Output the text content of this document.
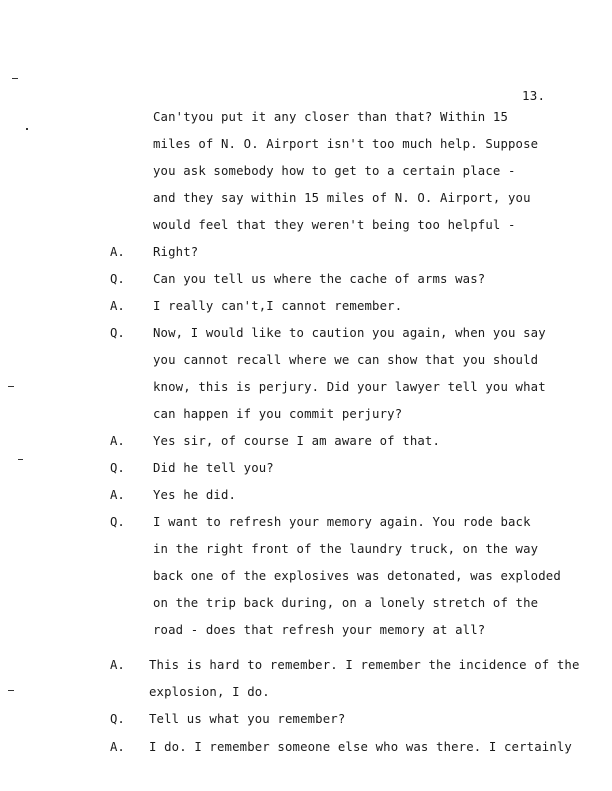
13.
Can'tyou put it any closer than that? Within 15
miles of N. O. Airport isn't too much help. Suppose
you ask somebody how to get to a certain place -
and they say within 15 miles of N. O. Airport, you
would feel that they weren't being too helpful -
A. Right?
Q. Can you tell us where the cache of arms was?
A. I really can't,I cannot remember.
Q. Now, I would like to caution you again, when you say
you cannot recall where we can show that you should
know, this is perjury. Did your lawyer tell you what
can happen if you commit perjury?
A. Yes sir, of course I am aware of that.
Q. Did he tell you?
A. Yes he did.
Q. I want to refresh your memory again. You rode back
in the right front of the laundry truck, on the way
back one of the explosives was detonated, was exploded
on the trip back during, on a lonely stretch of the
road - does that refresh your memory at all?
A. This is hard to remember. I remember the incidence of the
explosion, I do.
Q. Tell us what you remember?
A. I do. I remember someone else who was there. I certainly
